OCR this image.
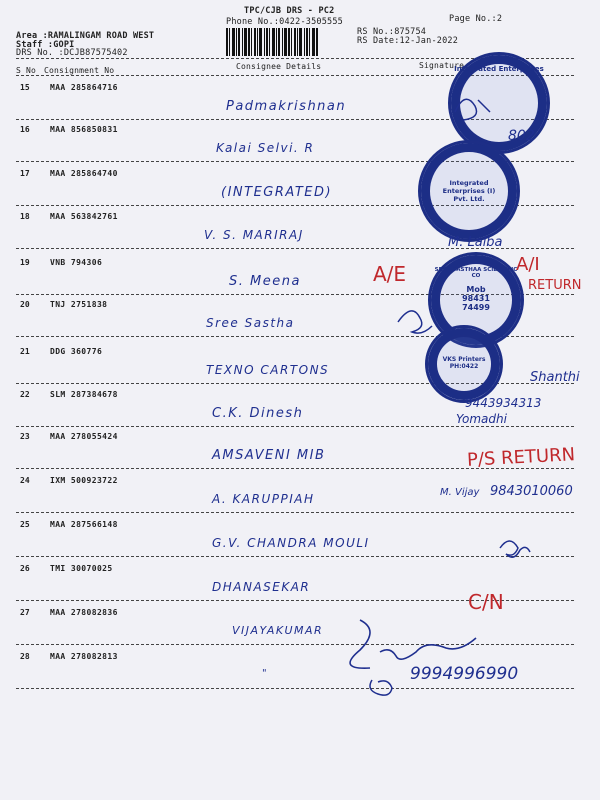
TPC/CJB DRS - PC2
Phone No.:0422-3505555	Page No.:2
Area :RAMALINGAM ROAD WEST
Staff :GOPI
DRS No. :DCJB87575402
RS No.:875754
RS Date:12-Jan-2022
S No Consignment No	Consignee Details	Signature
15	MAA 285864716
Padmakrishnan
16	MAA 856850831
Kalai Selvi. R
17	MAA 285864740
(INTEGRATED)
18	MAA 563842761
V. S. MARIRAJ
19	VNB 794306
S. Meena
20	TNJ 2751838
Sree Sastha
21	DDG 360776
TEXNO CARTONS
22	SLM 287384678
C.K. Dinesh
23	MAA 278055424
AMSAVENI MIB
24	IXM 500923722
A. KARUPPIAH
25	MAA 287566148
G.V. CHANDRA MOULI
26	TMI 30070025
DHANASEKAR
27	MAA 278082836
VIJAYAKUMAR
28	MAA 278082813
"
Integrated Enterprises
Integrated Enterprises (I) Pvt. Ltd.
SREE SASTHAA SCIENTIFIC CO
Mob 98431 74499
VKS Printers PH:0422
A/E	A/I
RETURN
P/S RETURN
C/N
802
M. Lalba
Shanthi
9443934313
Yomadhi
M. Vijay 9843010060
9994996990
